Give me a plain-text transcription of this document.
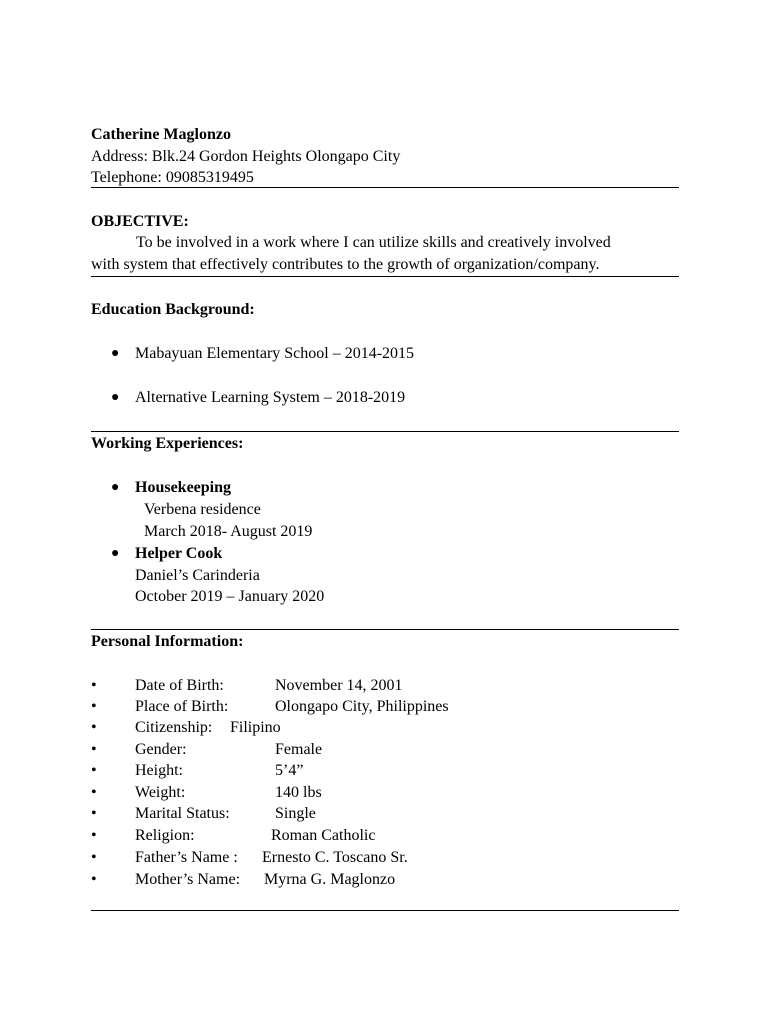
Catherine Maglonzo
Address: Blk.24 Gordon Heights Olongapo City
Telephone: 09085319495
OBJECTIVE:
To be involved in a work where I can utilize skills and creatively involved
with system that effectively contributes to the growth of organization/company.
Education Background:
● Mabayuan Elementary School – 2014-2015
● Alternative Learning System – 2018-2019
Working Experiences:
● Housekeeping
Verbena residence
March 2018- August 2019
● Helper Cook
Daniel’s Carinderia
October 2019 – January 2020
Personal Information:
• Date of Birth:	November 14, 2001
• Place of Birth:	Olongapo City, Philippines
• Citizenship: Filipino
• Gender:	Female
• Height:	5’4”
• Weight:	140 lbs
• Marital Status:	Single
• Religion:	Roman Catholic
• Father’s Name : Ernesto C. Toscano Sr.
• Mother’s Name: Myrna G. Maglonzo
